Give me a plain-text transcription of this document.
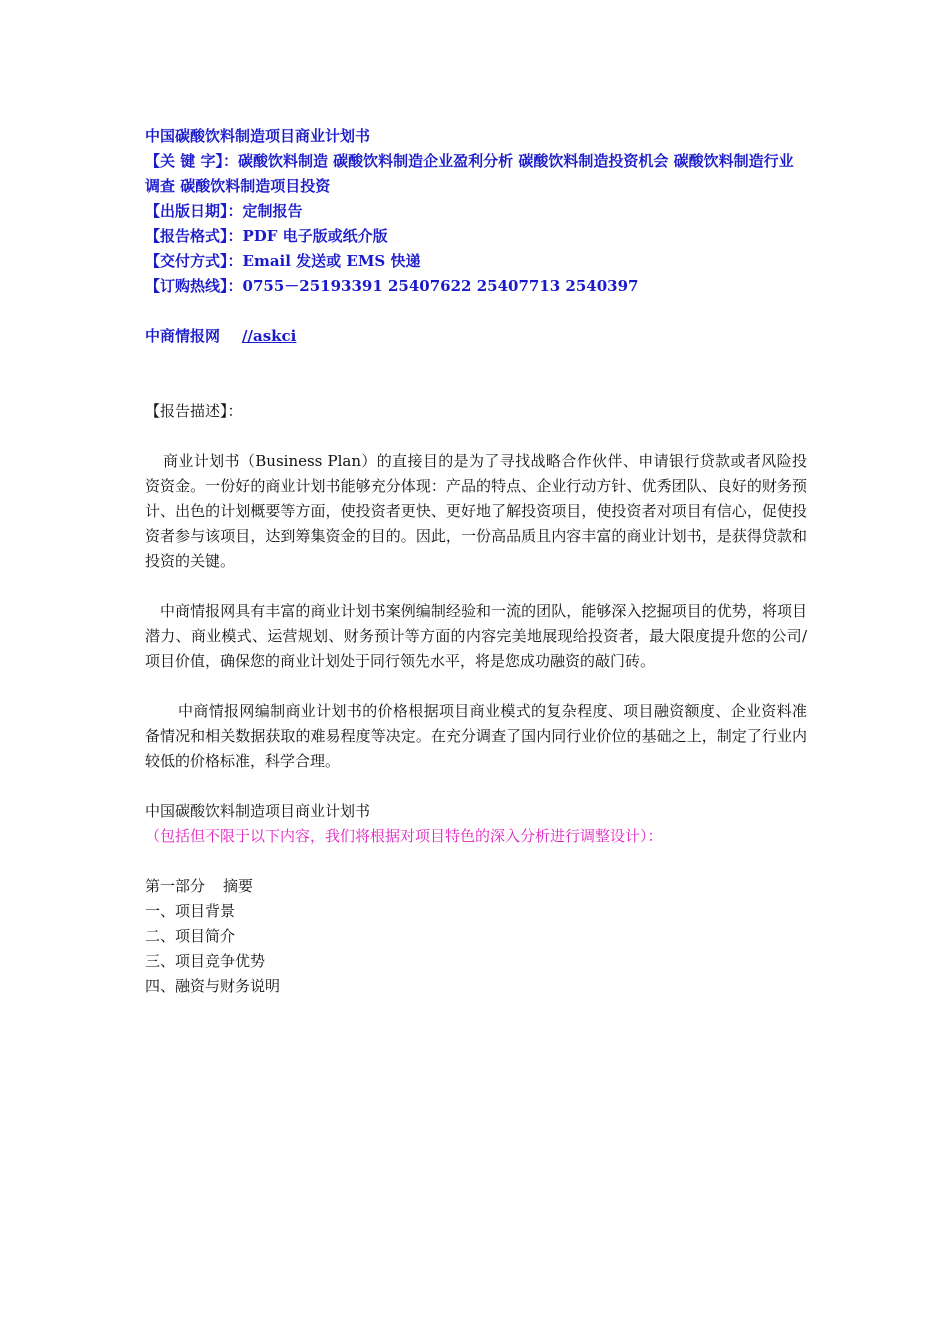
中国碳酸饮料制造项目商业计划书
【关 键 字】：碳酸饮料制造 碳酸饮料制造企业盈利分析 碳酸饮料制造投资机会 碳酸饮料制造行业调查 碳酸饮料制造项目投资
【出版日期】：定制报告
【报告格式】：PDF 电子版或纸介版
【交付方式】：Email 发送或 EMS 快递
【订购热线】：0755－25193391 25407622 25407713 2540397
中商情报网 //askci
【报告描述】：
商业计划书（Business Plan）的直接目的是为了寻找战略合作伙伴、申请银行贷款或者风险投资资金。一份好的商业计划书能够充分体现：产品的特点、企业行动方针、优秀团队、良好的财务预计、出色的计划概要等方面，使投资者更快、更好地了解投资项目，使投资者对项目有信心，促使投资者参与该项目，达到筹集资金的目的。因此，一份高品质且内容丰富的商业计划书，是获得贷款和投资的关键。
中商情报网具有丰富的商业计划书案例编制经验和一流的团队，能够深入挖掘项目的优势，将项目潜力、商业模式、运营规划、财务预计等方面的内容完美地展现给投资者，最大限度提升您的公司/项目价值，确保您的商业计划处于同行领先水平，将是您成功融资的敲门砖。
中商情报网编制商业计划书的价格根据项目商业模式的复杂程度、项目融资额度、企业资料准备情况和相关数据获取的难易程度等决定。在充分调查了国内同行业价位的基础之上，制定了行业内较低的价格标准，科学合理。
中国碳酸饮料制造项目商业计划书
（包括但不限于以下内容，我们将根据对项目特色的深入分析进行调整设计）：
第一部分 摘要
一、项目背景
二、项目简介
三、项目竞争优势
四、融资与财务说明
